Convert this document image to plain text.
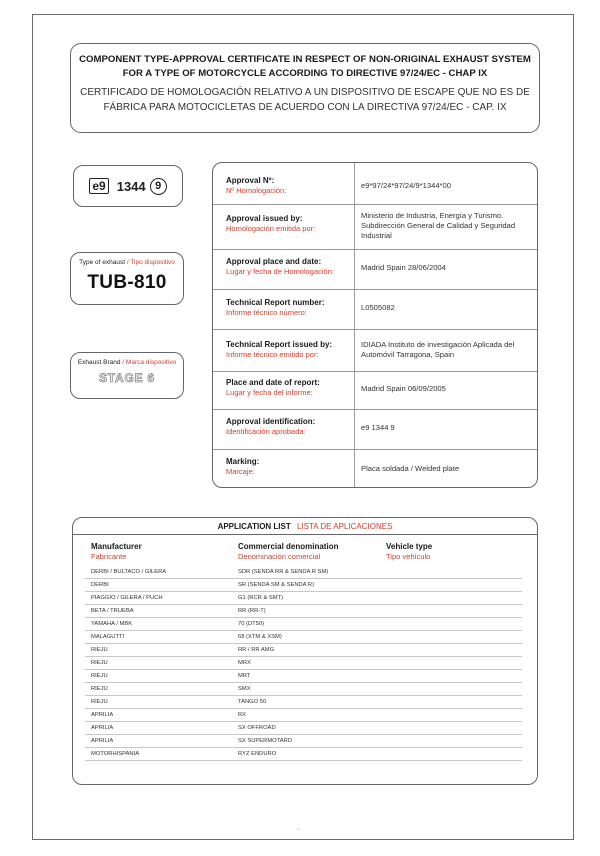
COMPONENT TYPE-APPROVAL CERTIFICATE IN RESPECT OF NON-ORIGINAL EXHAUST SYSTEM FOR A TYPE OF MOTORCYCLE ACCORDING TO DIRECTIVE 97/24/EC - CHAP IX
CERTIFICADO DE HOMOLOGACIÓN RELATIVO A UN DISPOSITIVO DE ESCAPE QUE NO ES DE FÁBRICA PARA MOTOCICLETAS DE ACUERDO CON LA DIRECTIVA 97/24/EC - CAP. IX
e9 1344 9
Type of exhaust / Tipo dispositivo
TUB-810
Exhaust Brand / Marca dispositivo
STAGE 6
Approval Nº:
Nº Homologación:
e9*97/24*97/24/9*1344*00
Approval issued by:
Homologación emitida por:
Ministerio de Industria, Energía y Turismo. Subdirección General de Calidad y Seguridad Industrial
Approval place and date:
Lugar y fecha de Homologación:	Madrid Spain 28/06/2004
Technical Report number:
Informe técnico número:
L0505082
Technical Report issued by:
Informe técnico emitido por:
IDIADA Instituto de investigación Aplicada del Automóvil Tarragona, Spain
Place and date of report:
Lugar y fecha del informe:	Madrid Spain 06/09/2005
Approval identification:
Identificación aprobada:	e9 1344 9
Marking:
Marcaje:	Placa soldada / Welded plate
APPLICATION LIST LISTA DE APLICACIONES
Manufacturer
Fabricante
Commercial denomination
Denominación comercial
Vehicle type
Tipo vehículo
DERBI / BULTACO / GILERA	SDR (SENDA RR & SENDA R SM)
DERBI	SR (SENDA SM & SENDA R)
PIAGGIO / GILERA / PUCH	G1 (RCR & SMT)
BETA / TRUEBA	RR (RR-T)
YAMAHA / MBK	70 (DT50)
MALAGUTTI	68 (XTM & XSM)
RIEJU	RR / RR AMG
RIEJU	MRX
RIEJU	MRT
RIEJU	SMX
RIEJU	TANGO 50
APRILIA	RX
APRILIA	SX OFFROAD
APRILIA	SX SUPERMOTARD
MOTORHISPANIA	RYZ ENDURO
▫
